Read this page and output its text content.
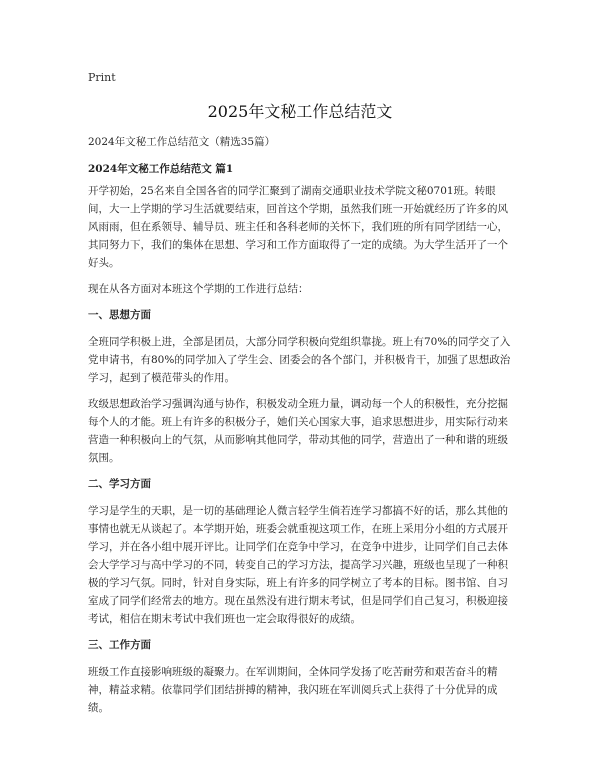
Print
2025年文秘工作总结范文

2024年文秘工作总结范文（精选35篇）

2024年文秘工作总结范文 篇1

开学初始，25名来自全国各省的同学汇聚到了湖南交通职业技术学院文秘0701班。转眼间，大一上学期的学习生活就要结束，回首这个学期，虽然我们班一开始就经历了许多的风风雨雨，但在系领导、辅导员、班主任和各科老师的关怀下，我们班的所有同学团结一心，其同努力下，我们的集体在思想、学习和工作方面取得了一定的成绩。为大学生活开了一个好头。

现在从各方面对本班这个学期的工作进行总结：

一、思想方面

全班同学积极上进，全部是团员，大部分同学积极向党组织靠拢。班上有70%的同学交了入党申请书，有80%的同学加入了学生会、团委会的各个部门，并积极肯干，加强了思想政治学习，起到了模范带头的作用。

玫级思想政治学习强调沟通与协作，积极发动全班力量，调动每一个人的积极性，充分挖掘每个人的才能。班上有许多的积极分子，她们关心国家大事，追求思想进步，用实际行动来营造一种积极向上的气氛，从而影响其他同学，带动其他的同学，营造出了一种和谐的班级氛围。

二、学习方面

学习是学生的天职，是一切的基础理论人微言轻学生倘若连学习都搞不好的话，那么其他的事情也就无从谈起了。本学期开始，班委会就重视这项工作，在班上采用分小组的方式展开学习，并在各小组中展开评比。让同学们在竞争中学习，在竞争中进步，让同学们自己去体会大学学习与高中学习的不同，转变自己的学习方法，提高学习兴趣，班级也呈现了一种积极的学习气氛。同时，针对自身实际，班上有许多的同学树立了考本的目标。图书馆、自习室成了同学们经常去的地方。现在虽然没有进行期末考试，但是同学们自己复习，积极迎接考试，相信在期末考试中我们班也一定会取得很好的成绩。

三、工作方面

班级工作直接影响班级的凝聚力。在军训期间，全体同学发扬了吃苦耐劳和艰苦奋斗的精神，精益求精。依靠同学们团结拼搏的精神，我闪班在军训阅兵式上获得了十分优异的成绩。
